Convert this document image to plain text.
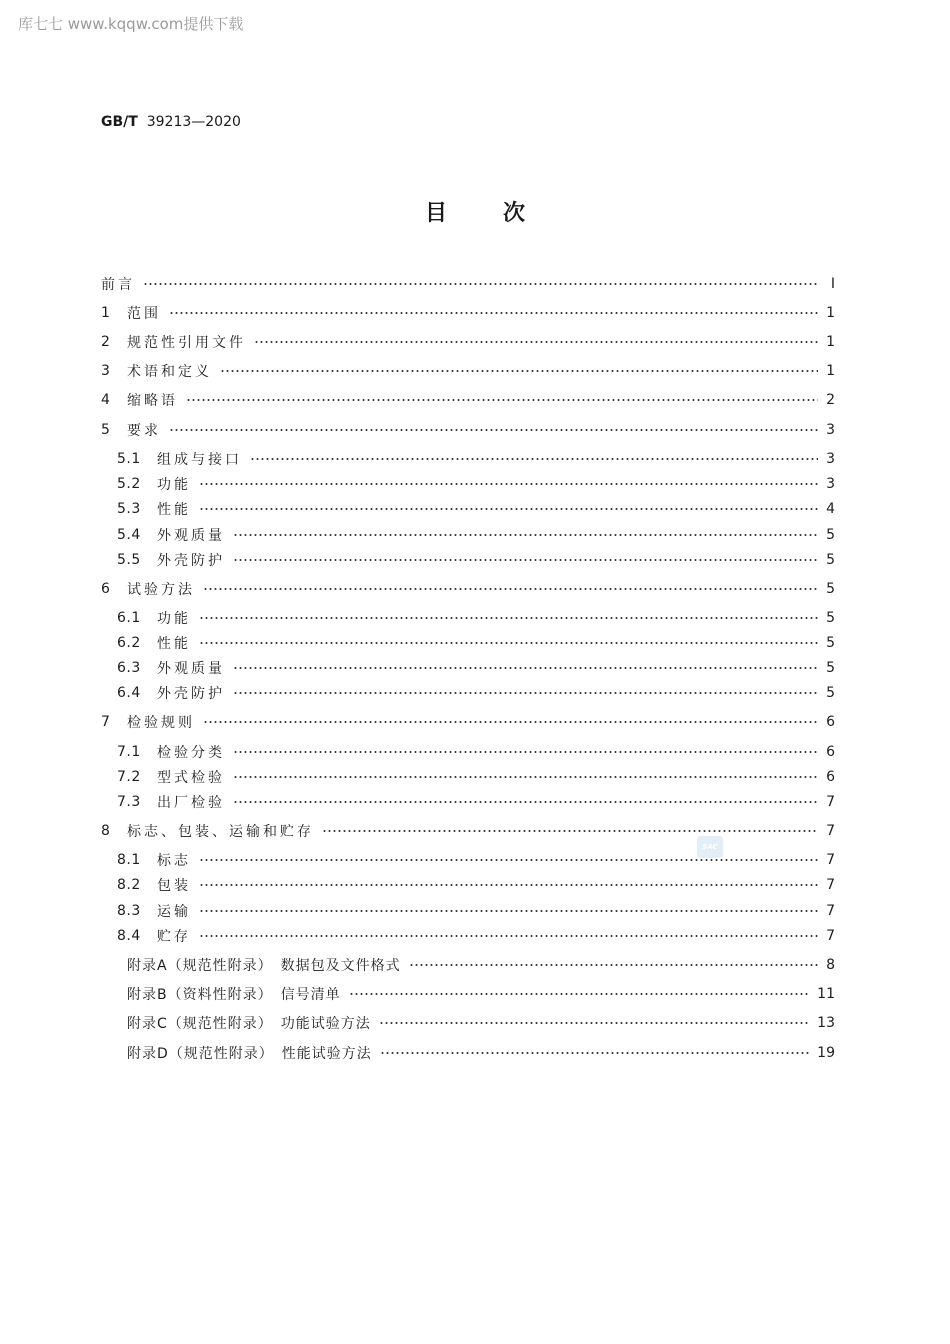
库七七 www.kqqw.com提供下载
GB/T 39213—2020
目	次
前言	I
1	范围	1
2	规范性引用文件	1
3	术语和定义	1
4	缩略语	2
5	要求	3
5.1	组成与接口	3
5.2	功能	3
5.3	性能	4
5.4	外观质量	5
5.5	外壳防护	5
6	试验方法	5
6.1	功能	5
6.2	性能	5
6.3	外观质量	5
6.4	外壳防护	5
7	检验规则	6
7.1	检验分类	6
7.2	型式检验	6
7.3	出厂检验	7
8	标志、包装、运输和贮存	7
8.1	标志	7
8.2	包装	7
8.3	运输	7
8.4	贮存	7
附录A（规范性附录）　数据包及文件格式	8
附录B（资料性附录）　信号清单	11
附录C（规范性附录）　功能试验方法	13
附录D（规范性附录）　性能试验方法	19
SAC
